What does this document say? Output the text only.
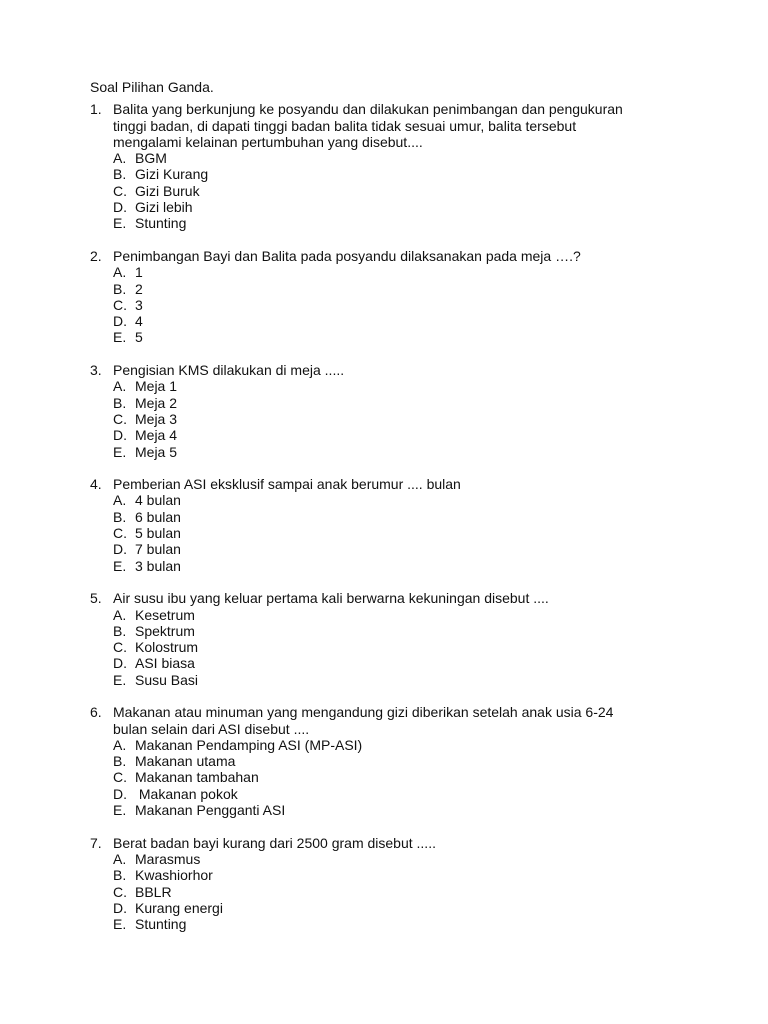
Soal Pilihan Ganda.
1. Balita yang berkunjung ke posyandu dan dilakukan penimbangan dan pengukuran
tinggi badan, di dapati tinggi badan balita tidak sesuai umur, balita tersebut
mengalami kelainan pertumbuhan yang disebut....
A. BGM
B. Gizi Kurang
C. Gizi Buruk
D. Gizi lebih
E. Stunting
2. Penimbangan Bayi dan Balita pada posyandu dilaksanakan pada meja ….?
A. 1
B. 2
C. 3
D. 4
E. 5
3. Pengisian KMS dilakukan di meja .....
A. Meja 1
B. Meja 2
C. Meja 3
D. Meja 4
E. Meja 5
4. Pemberian ASI eksklusif sampai anak berumur .... bulan
A. 4 bulan
B. 6 bulan
C. 5 bulan
D. 7 bulan
E. 3 bulan
5. Air susu ibu yang keluar pertama kali berwarna kekuningan disebut ....
A. Kesetrum
B. Spektrum
C. Kolostrum
D. ASI biasa
E. Susu Basi
6. Makanan atau minuman yang mengandung gizi diberikan setelah anak usia 6-24
bulan selain dari ASI disebut ....
A. Makanan Pendamping ASI (MP-ASI)
B. Makanan utama
C. Makanan tambahan
D. Makanan pokok
E. Makanan Pengganti ASI
7. Berat badan bayi kurang dari 2500 gram disebut .....
A. Marasmus
B. Kwashiorhor
C. BBLR
D. Kurang energi
E. Stunting
